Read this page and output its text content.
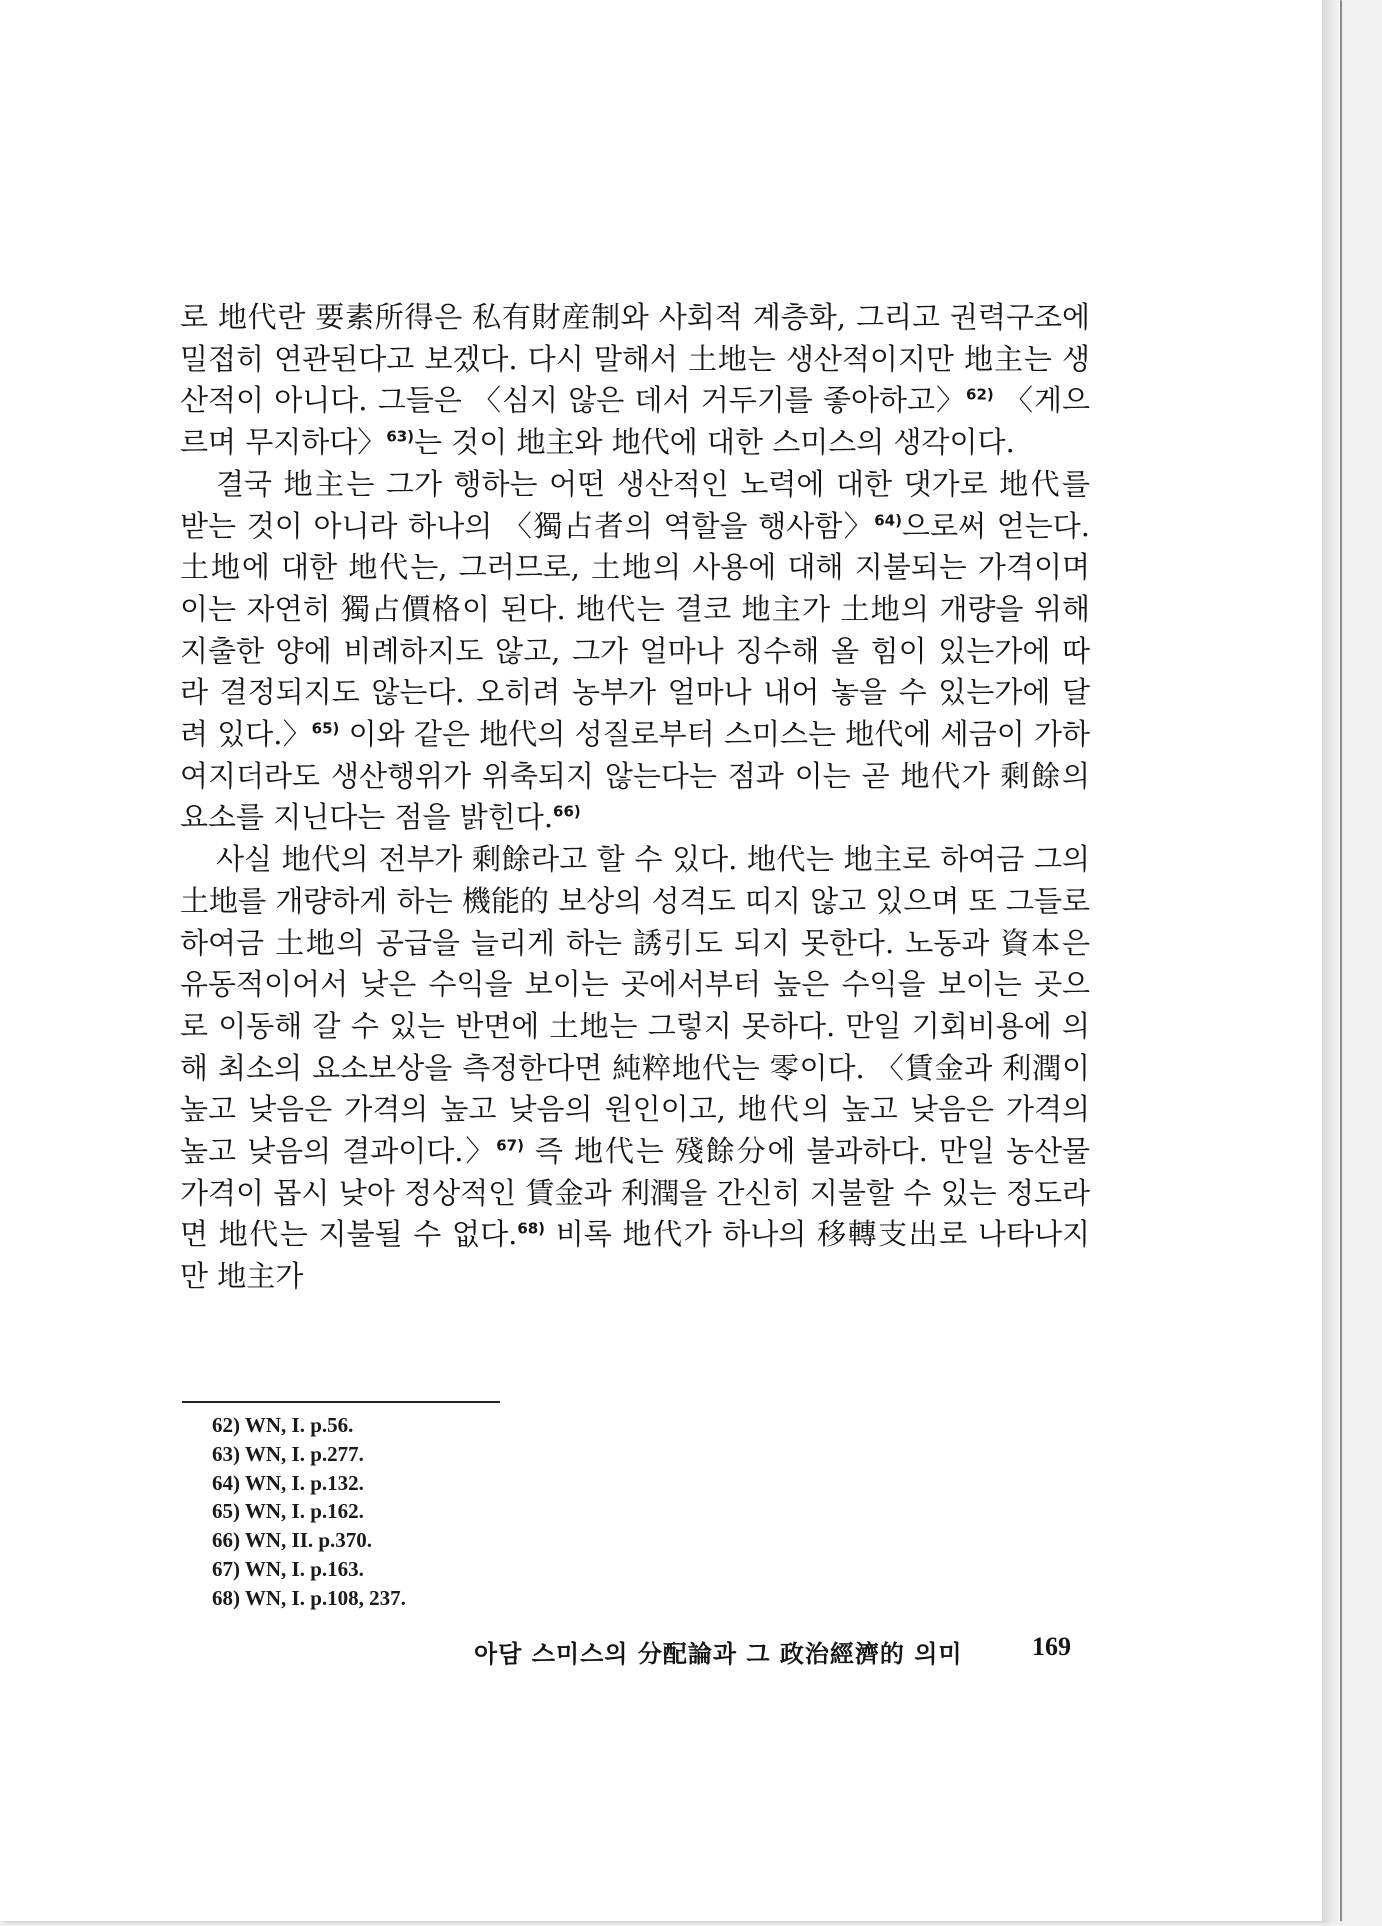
로 地代란 要素所得은 私有財産制와 사회적 계층화, 그리고 권력구조에 밀접히 연관된다고 보겠다. 다시 말해서 土地는 생산적이지만 地主는 생산적이 아니다. 그들은 〈심지 않은 데서 거두기를 좋아하고〉$^{62)}$ 〈게으르며 무지하다〉$^{63)}$는 것이 地主와 地代에 대한 스미스의 생각이다.

결국 地主는 그가 행하는 어떤 생산적인 노력에 대한 댓가로 地代를 받는 것이 아니라 하나의 〈獨占者의 역할을 행사함〉$^{64)}$으로써 얻는다. 土地에 대한 地代는, 그러므로, 土地의 사용에 대해 지불되는 가격이며 이는 자연히 獨占價格이 된다. 地代는 결코 地主가 土地의 개량을 위해 지출한 양에 비례하지도 않고, 그가 얼마나 징수해 올 힘이 있는가에 따라 결정되지도 않는다. 오히려 농부가 얼마나 내어 놓을 수 있는가에 달려 있다.〉$^{65)}$ 이와 같은 地代의 성질로부터 스미스는 地代에 세금이 가하여지더라도 생산행위가 위축되지 않는다는 점과 이는 곧 地代가 剩餘의 요소를 지닌다는 점을 밝힌다.$^{66)}$

사실 地代의 전부가 剩餘라고 할 수 있다. 地代는 地主로 하여금 그의 土地를 개량하게 하는 機能的 보상의 성격도 띠지 않고 있으며 또 그들로 하여금 土地의 공급을 늘리게 하는 誘引도 되지 못한다. 노동과 資本은 유동적이어서 낮은 수익을 보이는 곳에서부터 높은 수익을 보이는 곳으로 이동해 갈 수 있는 반면에 土地는 그렇지 못하다. 만일 기회비용에 의해 최소의 요소보상을 측정한다면 純粹地代는 零이다. 〈賃金과 利潤이 높고 낮음은 가격의 높고 낮음의 원인이고, 地代의 높고 낮음은 가격의 높고 낮음의 결과이다.〉$^{67)}$ 즉 地代는 殘餘分에 불과하다. 만일 농산물 가격이 몹시 낮아 정상적인 賃金과 利潤을 간신히 지불할 수 있는 정도라면 地代는 지불될 수 없다.$^{68)}$ 비록 地代가 하나의 移轉支出로 나타나지만 地主가

62) WN, I. p.56.
63) WN, I. p.277.
64) WN, I. p.132.
65) WN, I. p.162.
66) WN, II. p.370.
67) WN, I. p.163.
68) WN, I. p.108, 237.
아담 스미스의 分配論과 그 政治經濟的 의미	169
